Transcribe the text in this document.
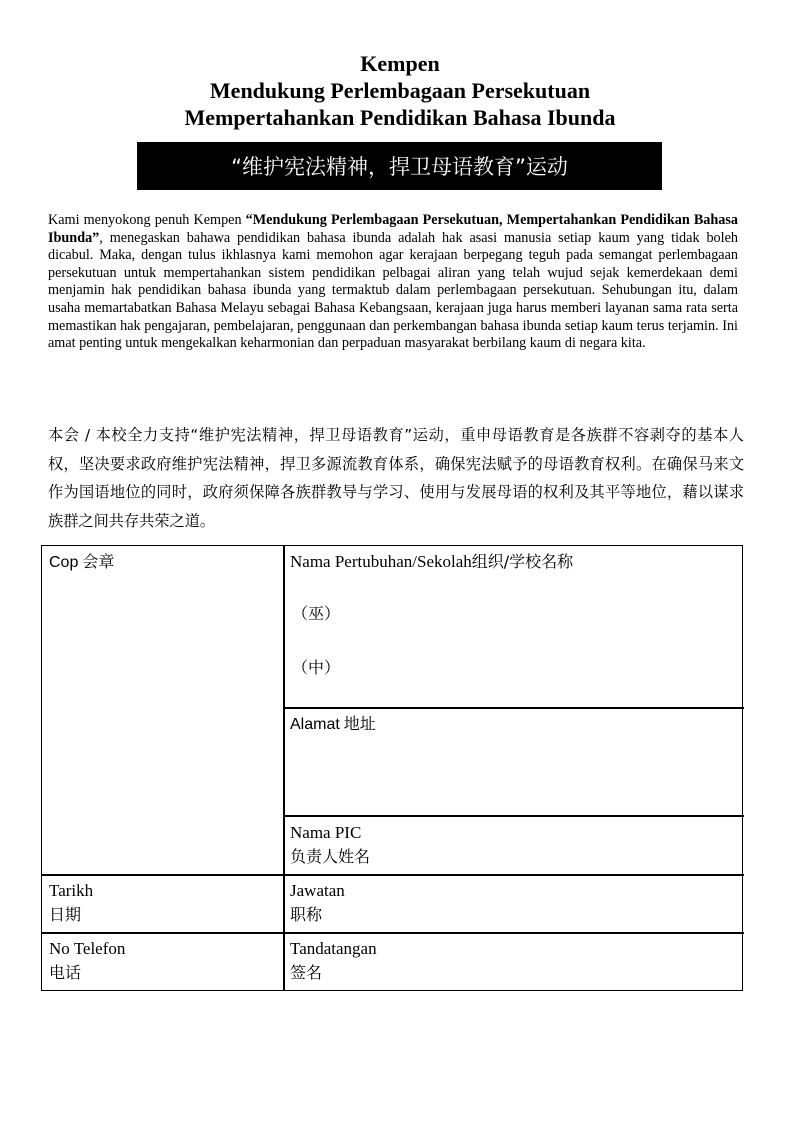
Kempen
Mendukung Perlembagaan Persekutuan
Mempertahankan Pendidikan Bahasa Ibunda
“维护宪法精神，捍卫母语教育”运动
Kami menyokong penuh Kempen “Mendukung Perlembagaan Persekutuan, Mempertahankan Pendidikan Bahasa Ibunda”, menegaskan bahawa pendidikan bahasa ibunda adalah hak asasi manusia setiap kaum yang tidak boleh dicabul. Maka, dengan tulus ikhlasnya kami memohon agar kerajaan berpegang teguh pada semangat perlembagaan persekutuan untuk mempertahankan sistem pendidikan pelbagai aliran yang telah wujud sejak kemerdekaan demi menjamin hak pendidikan bahasa ibunda yang termaktub dalam perlembagaan persekutuan. Sehubungan itu, dalam usaha memartabatkan Bahasa Melayu sebagai Bahasa Kebangsaan, kerajaan juga harus memberi layanan sama rata serta memastikan hak pengajaran, pembelajaran, penggunaan dan perkembangan bahasa ibunda setiap kaum terus terjamin. Ini amat penting untuk mengekalkan keharmonian dan perpaduan masyarakat berbilang kaum di negara kita.
本会 / 本校全力支持“维护宪法精神，捍卫母语教育”运动，重申母语教育是各族群不容剥夺的基本人权，坚决要求政府维护宪法精神，捍卫多源流教育体系，确保宪法赋予的母语教育权利。在确保马来文作为国语地位的同时，政府须保障各族群教导与学习、使用与发展母语的权利及其平等地位，藉以谋求族群之间共存共荣之道。
Cop 会章	Nama Pertubuhan/Sekolah组织/学校名称
（巫）
（中）
Alamat 地址
Nama PIC
负责人姓名
Tarikh
日期
Jawatan
职称
No Telefon
电话
Tandatangan
签名
